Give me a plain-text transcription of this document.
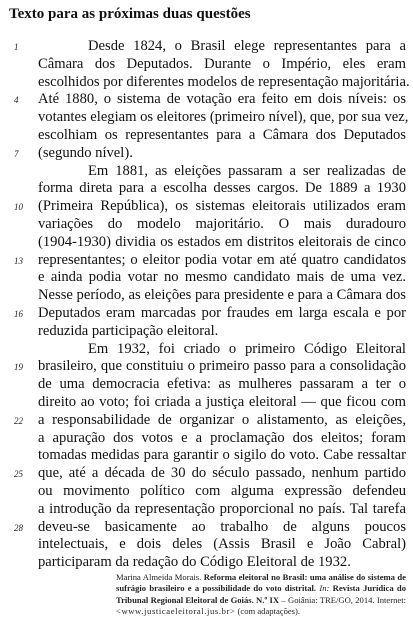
Texto para as próximas duas questões
1	Desde 1824, o Brasil elege representantes para a
Câmara dos Deputados. Durante o Império, eles eram
escolhidos por diferentes modelos de representação majoritária.
4	Até 1880, o sistema de votação era feito em dois níveis: os
votantes elegiam os eleitores (primeiro nível), que, por sua vez,
escolhiam os representantes para a Câmara dos Deputados
7	(segundo nível).
Em 1881, as eleições passaram a ser realizadas de
forma direta para a escolha desses cargos. De 1889 a 1930
10 (Primeira República), os sistemas eleitorais utilizados eram
variações do modelo majoritário. O mais duradouro
(1904-1930) dividia os estados em distritos eleitorais de cinco
13 representantes; o eleitor podia votar em até quatro candidatos
e ainda podia votar no mesmo candidato mais de uma vez.
Nesse período, as eleições para presidente e para a Câmara dos
16 Deputados eram marcadas por fraudes em larga escala e por
reduzida participação eleitoral.
Em 1932, foi criado o primeiro Código Eleitoral
19 brasileiro, que constituiu o primeiro passo para a consolidação
de uma democracia efetiva: as mulheres passaram a ter o
direito ao voto; foi criada a justiça eleitoral — que ficou com
22 a responsabilidade de organizar o alistamento, as eleições,
a apuração dos votos e a proclamação dos eleitos; foram
tomadas medidas para garantir o sigilo do voto. Cabe ressaltar
25 que, até a década de 30 do século passado, nenhum partido
ou movimento político com alguma expressão defendeu
a introdução da representação proporcional no país. Tal tarefa
28 deveu-se basicamente ao trabalho de alguns poucos
intelectuais, e dois deles (Assis Brasil e João Cabral)
participaram da redação do Código Eleitoral de 1932.
Marina Almeida Morais. Reforma eleitoral no Brasil: uma análise do sistema de sufrágio brasileiro e a possibilidade do voto distrital. In: Revista Jurídica do Tribunal Regional Eleitoral de Goiás. N.º IX – Goiânia: TRE/GO, 2014. Internet: <www.justicaeleitoral.jus.br> (com adaptações).
